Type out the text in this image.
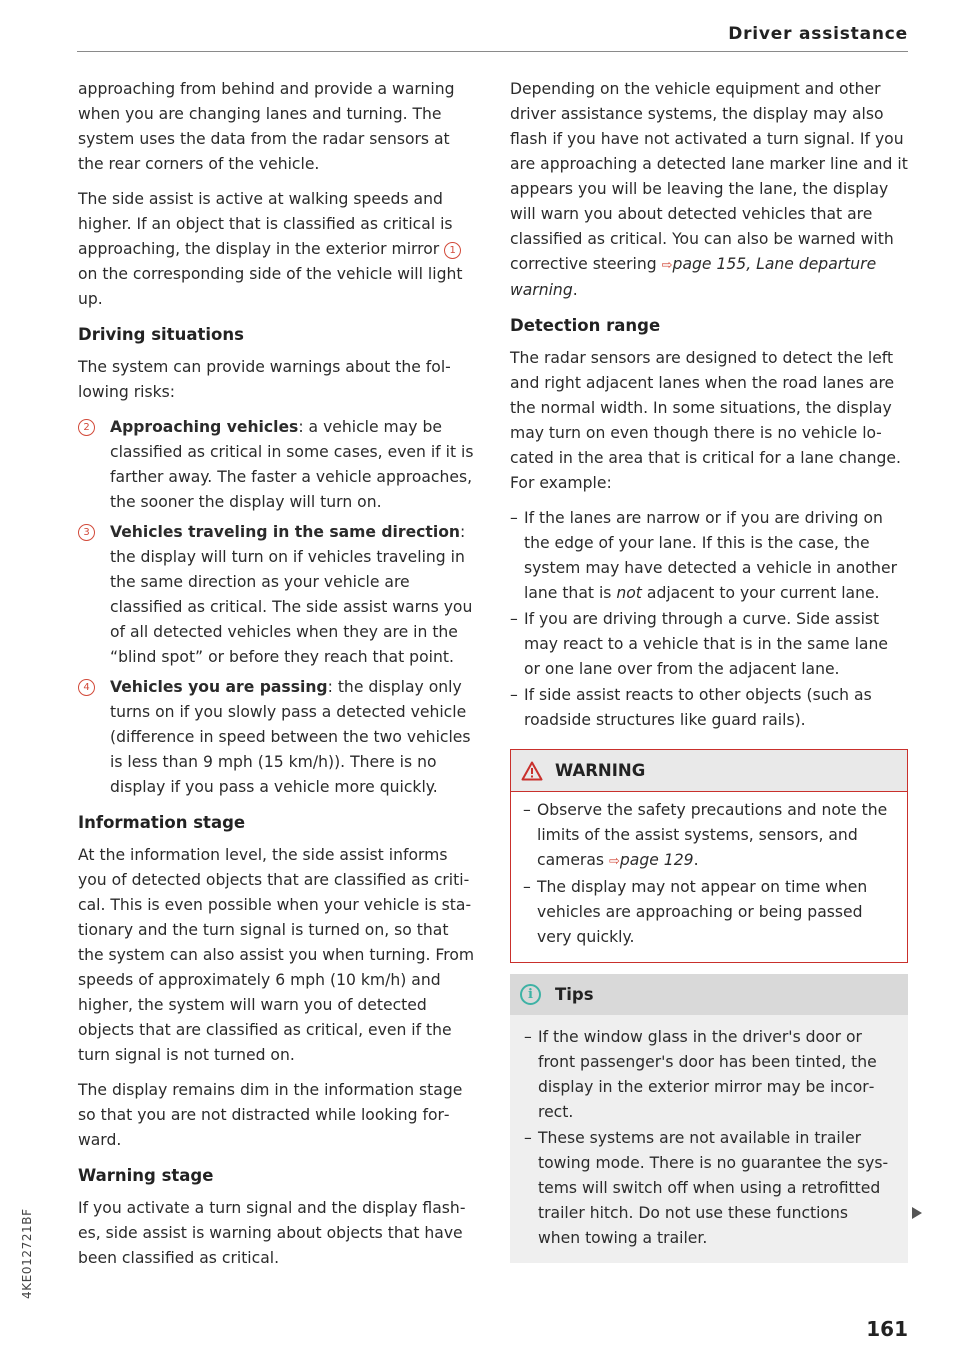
Driver assistance

approaching from behind and provide a warning when you are changing lanes and turning. The system uses the data from the radar sensors at the rear corners of the vehicle.

The side assist is active at walking speeds and higher. If an object that is classified as critical is approaching, the display in the exterior mirror 1 on the corresponding side of the vehicle will light up.

Driving situations

The system can provide warnings about the following risks:

2	Approaching vehicles: a vehicle may be classified as critical in some cases, even if it is farther away. The faster a vehicle approaches, the sooner the display will turn on.
3	Vehicles traveling in the same direction: the display will turn on if vehicles traveling in the same direction as your vehicle are classified as critical. The side assist warns you of all detected vehicles when they are in the “blind spot” or before they reach that point.
4	Vehicles you are passing: the display only turns on if you slowly pass a detected vehicle (difference in speed between the two vehicles is less than 9 mph (15 km/h)). There is no display if you pass a vehicle more quickly.
Information stage

At the information level, the side assist informs you of detected objects that are classified as critical. This is even possible when your vehicle is stationary and the turn signal is turned on, so that the system can also assist you when turning. From speeds of approximately 6 mph (10 km/h) and higher, the system will warn you of detected objects that are classified as critical, even if the turn signal is not turned on.

The display remains dim in the information stage so that you are not distracted while looking forward.

Warning stage

If you activate a turn signal and the display flashes, side assist is warning about objects that have been classified as critical.

Depending on the vehicle equipment and other driver assistance systems, the display may also flash if you have not activated a turn signal. If you are approaching a detected lane marker line and it appears you will be leaving the lane, the display will warn you about detected vehicles that are classified as critical. You can also be warned with corrective steering ⇨page 155, Lane departure warning.

Detection range

The radar sensors are designed to detect the left and right adjacent lanes when the road lanes are the normal width. In some situations, the display may turn on even though there is no vehicle located in the area that is critical for a lane change. For example:

– If the lanes are narrow or if you are driving on the edge of your lane. If this is the case, the system may have detected a vehicle in another lane that is not adjacent to your current lane.
– If you are driving through a curve. Side assist may react to a vehicle that is in the same lane or one lane over from the adjacent lane.
– If side assist reacts to other objects (such as roadside structures like guard rails).
WARNING
– Observe the safety precautions and note the limits of the assist systems, sensors, and cameras ⇨page 129.
– The display may not appear on time when vehicles are approaching or being passed very quickly.
i	Tips
– If the window glass in the driver's door or front passenger's door has been tinted, the display in the exterior mirror may be incorrect.
– These systems are not available in trailer towing mode. There is no guarantee the systems will switch off when using a retrofitted trailer hitch. Do not use these functions when towing a trailer.
4KE012721BF
161
